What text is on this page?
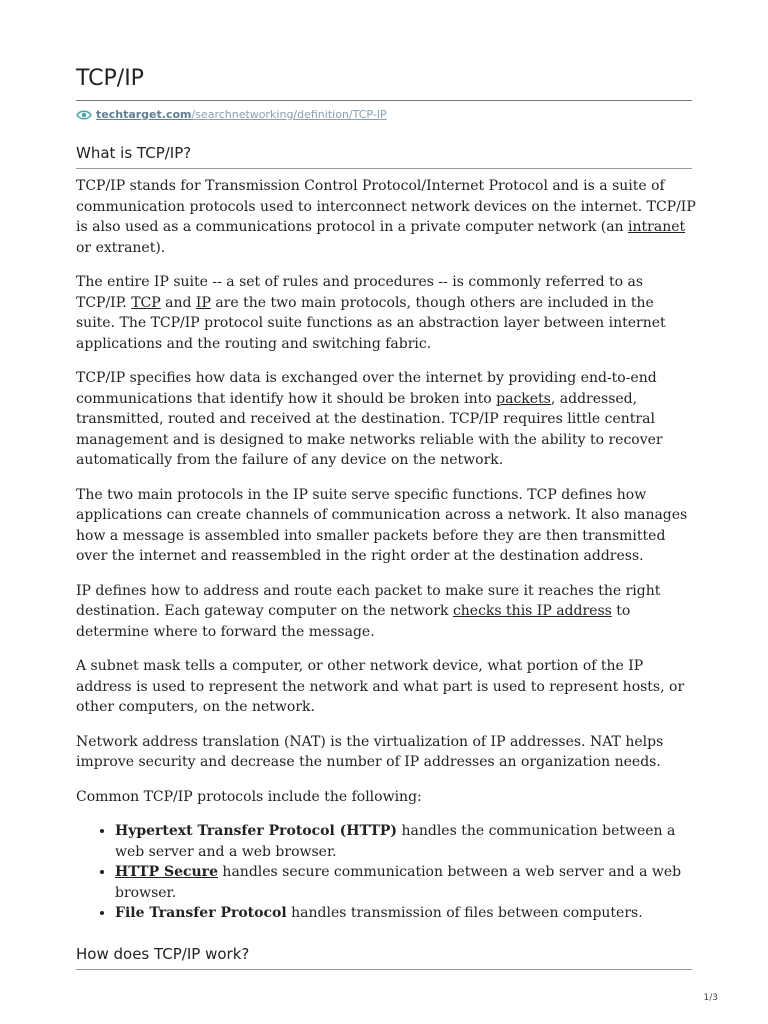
TCP/IP
techtarget.com /searchnetworking/definition/TCP-IP
What is TCP/IP?

TCP/IP stands for Transmission Control Protocol/Internet Protocol and is a suite of communication protocols used to interconnect network devices on the internet. TCP/IP is also used as a communications protocol in a private computer network (an intranet or extranet).

The entire IP suite -- a set of rules and procedures -- is commonly referred to as TCP/IP. TCP and IP are the two main protocols, though others are included in the suite. The TCP/IP protocol suite functions as an abstraction layer between internet applications and the routing and switching fabric.

TCP/IP specifies how data is exchanged over the internet by providing end-to-end communications that identify how it should be broken into packets, addressed, transmitted, routed and received at the destination. TCP/IP requires little central management and is designed to make networks reliable with the ability to recover automatically from the failure of any device on the network.

The two main protocols in the IP suite serve specific functions. TCP defines how applications can create channels of communication across a network. It also manages how a message is assembled into smaller packets before they are then transmitted over the internet and reassembled in the right order at the destination address.

IP defines how to address and route each packet to make sure it reaches the right destination. Each gateway computer on the network checks this IP address to determine where to forward the message.

A subnet mask tells a computer, or other network device, what portion of the IP address is used to represent the network and what part is used to represent hosts, or other computers, on the network.

Network address translation (NAT) is the virtualization of IP addresses. NAT helps improve security and decrease the number of IP addresses an organization needs.

Common TCP/IP protocols include the following:

• Hypertext Transfer Protocol (HTTP) handles the communication between a web server and a web browser.
• HTTP Secure handles secure communication between a web server and a web browser.
• File Transfer Protocol handles transmission of files between computers.
How does TCP/IP work?
1/3
